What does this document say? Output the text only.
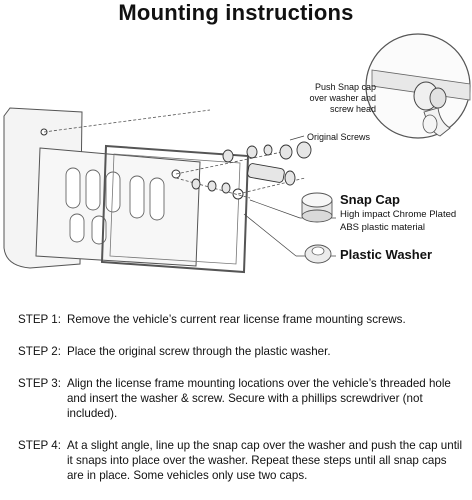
Mounting instructions
Push Snap cap over washer and screw head
Original Screws
Snap Cap
High impact Chrome Plated ABS plastic material
Plastic Washer
STEP 1: Remove the vehicle’s current rear license frame mounting screws.
STEP 2: Place the original screw through the plastic washer.
STEP 3: Align the license frame mounting locations over the vehicle’s threaded hole and insert the washer & screw. Secure with a phillips screwdriver (not included).
STEP 4: At a slight angle, line up the snap cap over the washer and push the cap until it snaps into place over the washer. Repeat these steps until all snap caps are in place. Some vehicles only use two caps.
